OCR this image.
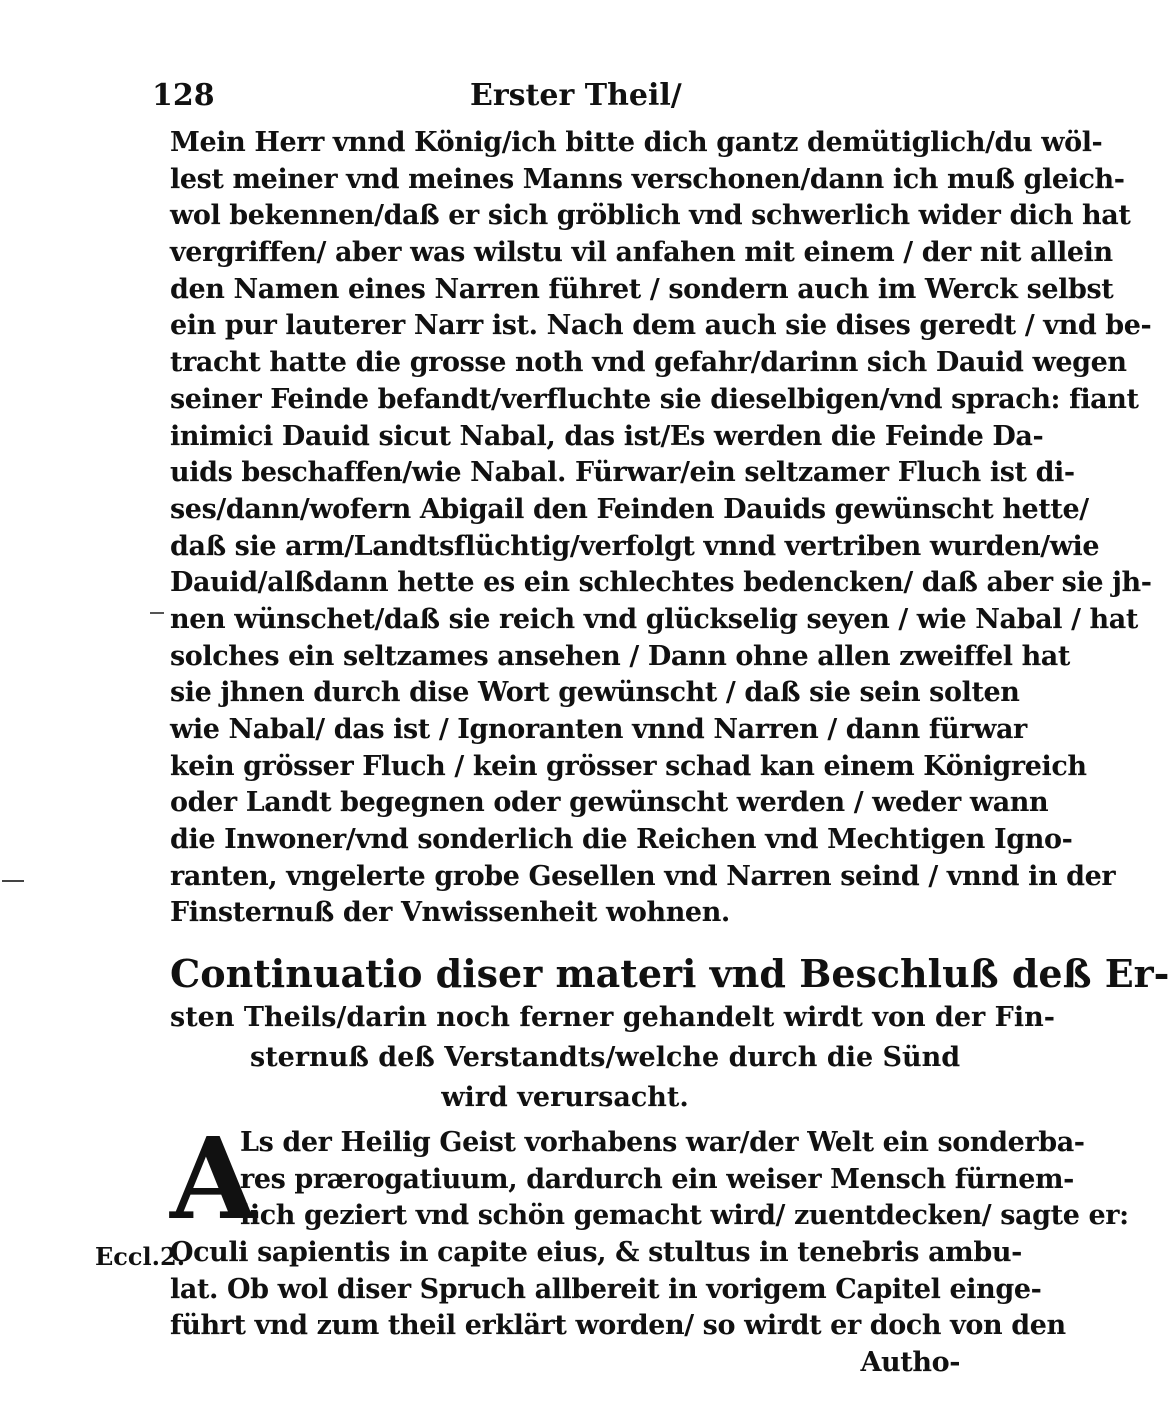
128	Erster Theil/
Mein Herr vnnd König/ich bitte dich gantz demütiglich/du wöl-
lest meiner vnd meines Manns verschonen/dann ich muß gleich-
wol bekennen/daß er sich gröblich vnd schwerlich wider dich hat
vergriffen/ aber was wilstu vil anfahen mit einem / der nit allein
den Namen eines Narren führet / sondern auch im Werck selbst
ein pur lauterer Narr ist. Nach dem auch sie dises geredt / vnd be-
tracht hatte die grosse noth vnd gefahr/darinn sich Dauid wegen
seiner Feinde befandt/verfluchte sie dieselbigen/vnd sprach: fiant
inimici Dauid sicut Nabal, das ist/Es werden die Feinde Da-
uids beschaffen/wie Nabal. Fürwar/ein seltzamer Fluch ist di-
ses/dann/wofern Abigail den Feinden Dauids gewünscht hette/
daß sie arm/Landtsflüchtig/verfolgt vnnd vertriben wurden/wie
Dauid/alßdann hette es ein schlechtes bedencken/ daß aber sie jh-
nen wünschet/daß sie reich vnd glückselig seyen / wie Nabal / hat
solches ein seltzames ansehen / Dann ohne allen zweiffel hat
sie jhnen durch dise Wort gewünscht / daß sie sein solten
wie Nabal/ das ist / Ignoranten vnnd Narren / dann fürwar
kein grösser Fluch / kein grösser schad kan einem Königreich
oder Landt begegnen oder gewünscht werden / weder wann
die Inwoner/vnd sonderlich die Reichen vnd Mechtigen Igno-
ranten, vngelerte grobe Gesellen vnd Narren seind / vnnd in der
Finsternuß der Vnwissenheit wohnen.
Continuatio diser materi vnd Beschluß deß Er-
sten Theils/darin noch ferner gehandelt wirdt von der Fin-
sternuß deß Verstandts/welche durch die Sünd
wird verursacht.
A
Ls der Heilig Geist vorhabens war/der Welt ein sonderba-
res prærogatiuum, dardurch ein weiser Mensch fürnem-
lich geziert vnd schön gemacht wird/ zuentdecken/ sagte er:
Oculi sapientis in capite eius, & stultus in tenebris ambu-
lat. Ob wol diser Spruch allbereit in vorigem Capitel einge-
führt vnd zum theil erklärt worden/ so wirdt er doch von den
Autho-
Eccl.2.
